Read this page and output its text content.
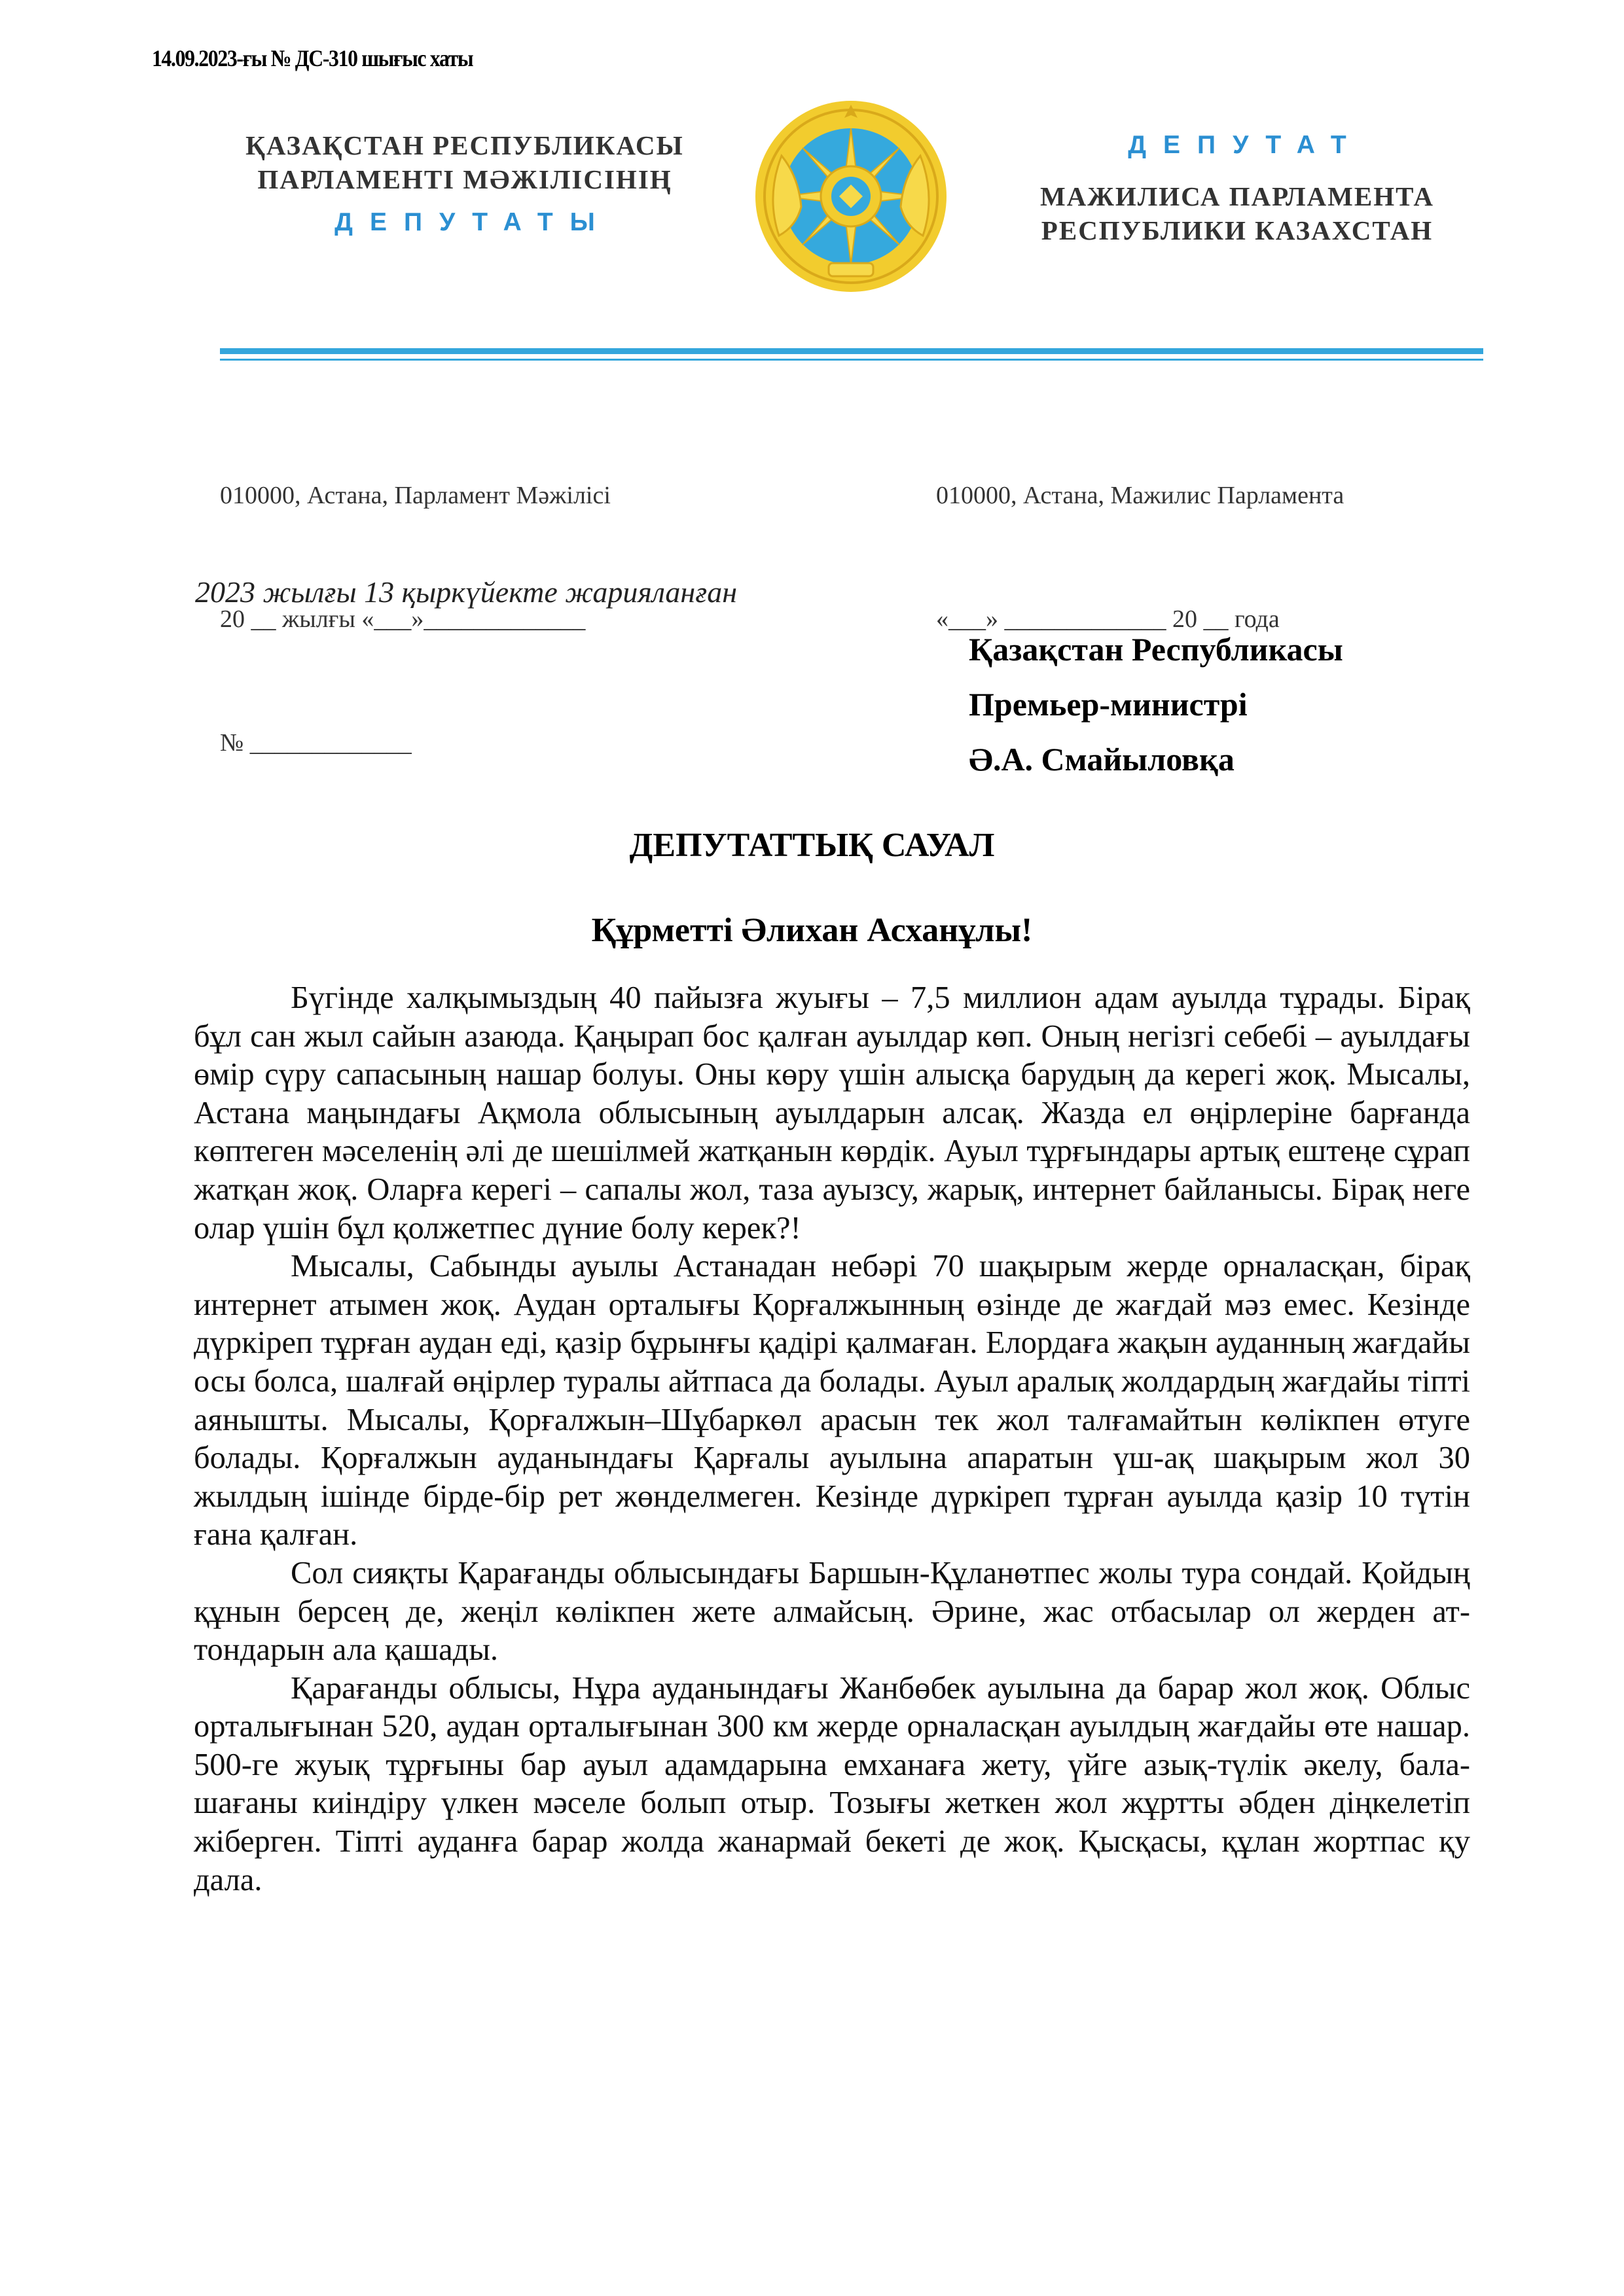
14.09.2023-ғы № ДС-310 шығыс хаты
ҚАЗАҚСТАН РЕСПУБЛИКАСЫ
ПАРЛАМЕНТІ МӘЖІЛІСІНІҢ
ДЕПУТАТЫ
ДЕПУТАТ
МАЖИЛИСА ПАРЛАМЕНТА
РЕСПУБЛИКИ КАЗАХСТАН

010000, Астана, Парламент Мәжілісі

20 __ жылғы «___»_____________

№ _____________

010000, Астана, Мажилис Парламента

«___» _____________ 20 __ года

2023 жылғы 13 қыркүйекте жарияланған
Қазақстан Республикасы
Премьер-министрі
Ә.А. Смайыловқа
ДЕПУТАТТЫҚ САУАЛ
Құрметті Әлихан Асханұлы!

Бүгінде халқымыздың 40 пайызға жуығы – 7,5 миллион адам ауылда тұрады. Бірақ бұл сан жыл сайын азаюда. Қаңырап бос қалған ауылдар көп. Оның негізгі себебі – ауылдағы өмір сүру сапасының нашар болуы. Оны көру үшін алысқа барудың да керегі жоқ. Мысалы, Астана маңындағы Ақмола облысының ауылдарын алсақ. Жазда ел өңірлеріне барғанда көптеген мәселенің әлі де шешілмей жатқанын көрдік. Ауыл тұрғындары артық ештеңе сұрап жатқан жоқ. Оларға керегі – сапалы жол, таза ауызсу, жарық, интернет байланысы. Бірақ неге олар үшін бұл қолжетпес дүние болу керек?!

Мысалы, Сабынды ауылы Астанадан небәрі 70 шақырым жерде орналасқан, бірақ интернет атымен жоқ. Аудан орталығы Қорғалжынның өзінде де жағдай мәз емес. Кезінде дүркіреп тұрған аудан еді, қазір бұрынғы қадірі қалмаған. Елордаға жақын ауданның жағдайы осы болса, шалғай өңірлер туралы айтпаса да болады. Ауыл аралық жолдардың жағдайы тіпті аянышты. Мысалы, Қорғалжын–Шұбаркөл арасын тек жол талғамайтын көлікпен өтуге болады. Қорғалжын ауданындағы Қарғалы ауылына апаратын үш-ақ шақырым жол 30 жылдың ішінде бірде-бір рет жөнделмеген. Кезінде дүркіреп тұрған ауылда қазір 10 түтін ғана қалған.

Сол сияқты Қарағанды облысындағы Баршын-Құланөтпес жолы тура сондай. Қойдың құнын берсең де, жеңіл көлікпен жете алмайсың. Әрине, жас отбасылар ол жерден ат-тондарын ала қашады.

Қарағанды облысы, Нұра ауданындағы Жанбөбек ауылына да барар жол жоқ. Облыс орталығынан 520, аудан орталығынан 300 км жерде орналасқан ауылдың жағдайы өте нашар. 500-ге жуық тұрғыны бар ауыл адамдарына емханаға жету, үйге азық-түлік әкелу, бала-шағаны киіндіру үлкен мәселе болып отыр. Тозығы жеткен жол жұртты әбден діңкелетіп жіберген. Тіпті ауданға барар жолда жанармай бекеті де жоқ. Қысқасы, құлан жортпас қу дала.
